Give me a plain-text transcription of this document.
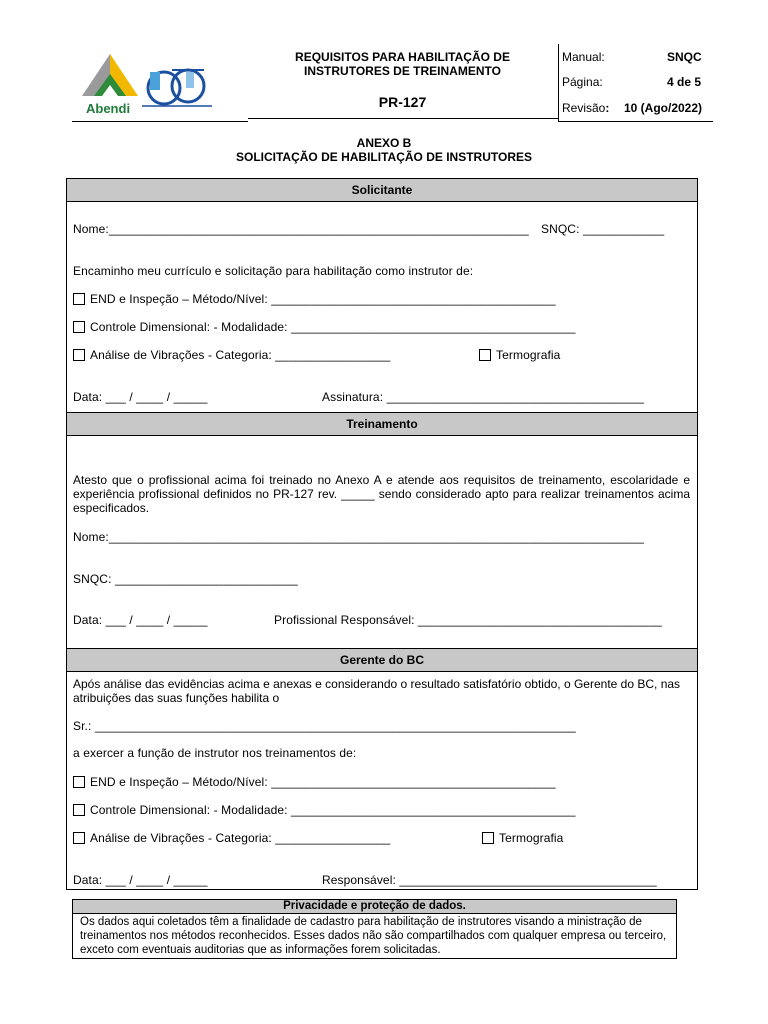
Abendi
REQUISITOS PARA HABILITAÇÃO DE INSTRUTORES DE TREINAMENTO
PR-127
Manual:	SNQC
Página:	4 de 5
Revisão: 10 (Ago/2022)
ANEXO B
SOLICITAÇÃO DE HABILITAÇÃO DE INSTRUTORES
Solicitante
Nome:______________________________________________________________ SNQC: ____________
Encaminho meu currículo e solicitação para habilitação como instrutor de:
END e Inspeção – Método/Nível: __________________________________________
Controle Dimensional: - Modalidade: __________________________________________
Análise de Vibrações - Categoria: _________________	Termografia
Data: ___ / ____ / _____	Assinatura: ______________________________________
Treinamento
Atesto que o profissional acima foi treinado no Anexo A e atende aos requisitos de treinamento, escolaridade e experiência profissional definidos no PR-127 rev. _____ sendo considerado apto para realizar treinamentos acima especificados.
Nome:_______________________________________________________________________________
SNQC: ___________________________
Data: ___ / ____ / _____	Profissional Responsável: ____________________________________
Gerente do BC
Após análise das evidências acima e anexas e considerando o resultado satisfatório obtido, o Gerente do BC, nas atribuições das suas funções habilita o
Sr.: _______________________________________________________________________
a exercer a função de instrutor nos treinamentos de:
END e Inspeção – Método/Nível: __________________________________________
Controle Dimensional: - Modalidade: __________________________________________
Análise de Vibrações - Categoria: _________________	Termografia
Data: ___ / ____ / _____	Responsável: ______________________________________
Privacidade e proteção de dados.
Os dados aqui coletados têm a finalidade de cadastro para habilitação de instrutores visando a ministração de treinamentos nos métodos reconhecidos. Esses dados não são compartilhados com qualquer empresa ou terceiro, exceto com eventuais auditorias que as informações forem solicitadas.
